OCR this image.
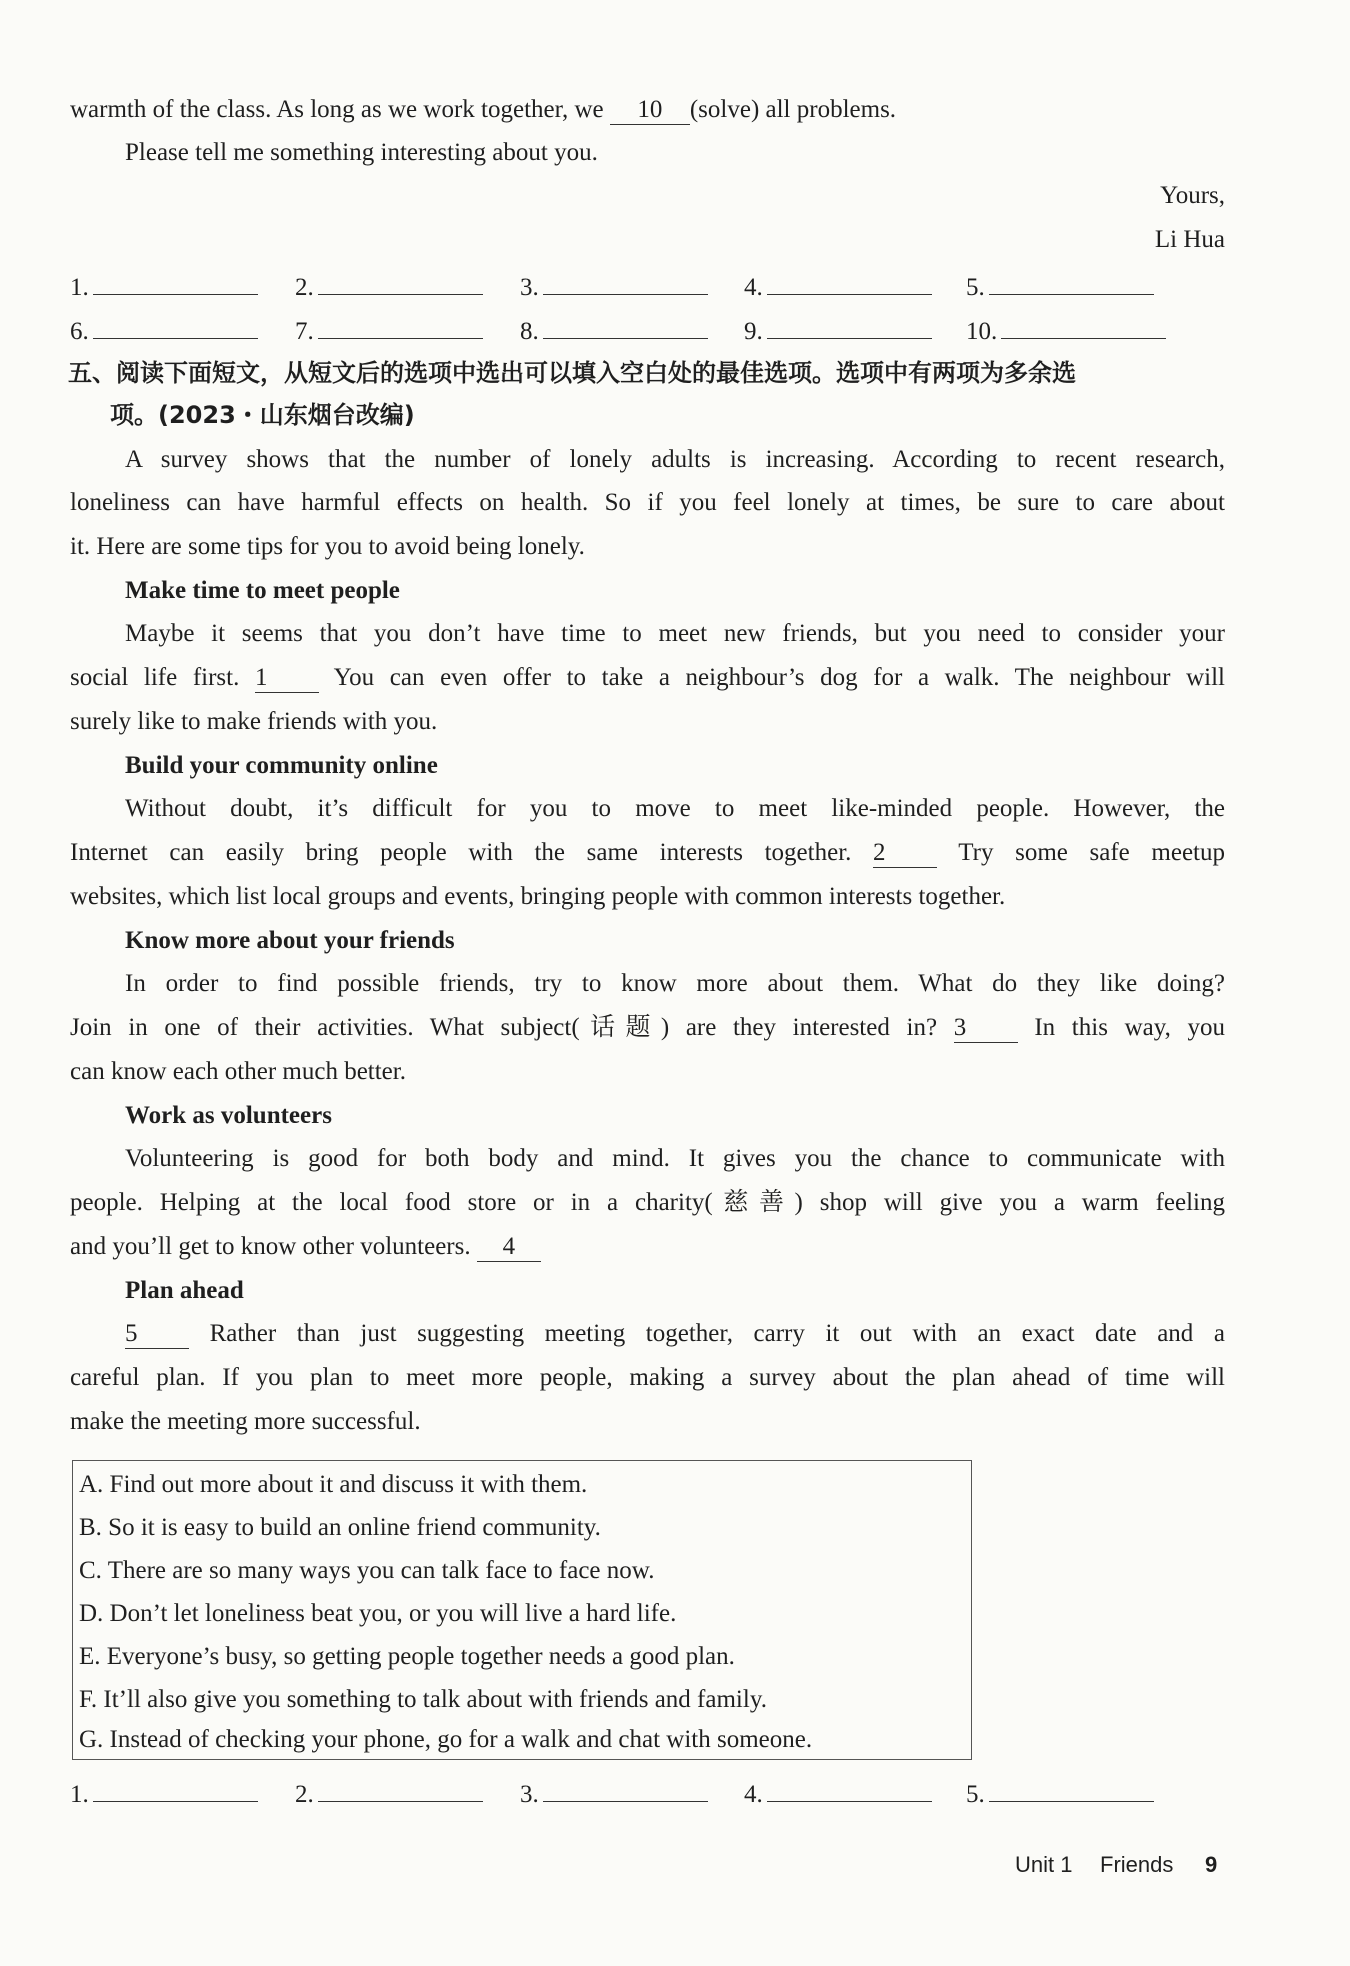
warmth of the class. As long as we work together, we 10 (solve) all problems.
Please tell me something interesting about you.
Yours,
Li Hua
1.	2.	3.	4.	5.
6.	7.	8.	9.	10.
五、阅读下面短文，从短文后的选项中选出可以填入空白处的最佳选项。选项中有两项为多余选
项。(2023・山东烟台改编)
A survey shows that the number of lonely adults is increasing. According to recent research,
loneliness can have harmful effects on health. So if you feel lonely at times, be sure to care about
it. Here are some tips for you to avoid being lonely.
Make time to meet people
Maybe it seems that you don’t have time to meet new friends, but you need to consider your
social life first. 1 You can even offer to take a neighbour’s dog for a walk. The neighbour will
surely like to make friends with you.
Build your community online
Without doubt, it’s difficult for you to move to meet like-minded people. However, the
Internet can easily bring people with the same interests together. 2 Try some safe meetup
websites, which list local groups and events, bringing people with common interests together.
Know more about your friends
In order to find possible friends, try to know more about them. What do they like doing?
Join in one of their activities. What subject(话题) are they interested in? 3 In this way, you
can know each other much better.
Work as volunteers
Volunteering is good for both body and mind. It gives you the chance to communicate with
people. Helping at the local food store or in a charity(慈善) shop will give you a warm feeling
and you’ll get to know other volunteers. 4
Plan ahead
5 Rather than just suggesting meeting together, carry it out with an exact date and a
careful plan. If you plan to meet more people, making a survey about the plan ahead of time will
make the meeting more successful.
A. Find out more about it and discuss it with them.
B. So it is easy to build an online friend community.
C. There are so many ways you can talk face to face now.
D. Don’t let loneliness beat you, or you will live a hard life.
E. Everyone’s busy, so getting people together needs a good plan.
F. It’ll also give you something to talk about with friends and family.
G. Instead of checking your phone, go for a walk and chat with someone.
1.	2.	3.	4.	5.
Unit 1 Friends 9
